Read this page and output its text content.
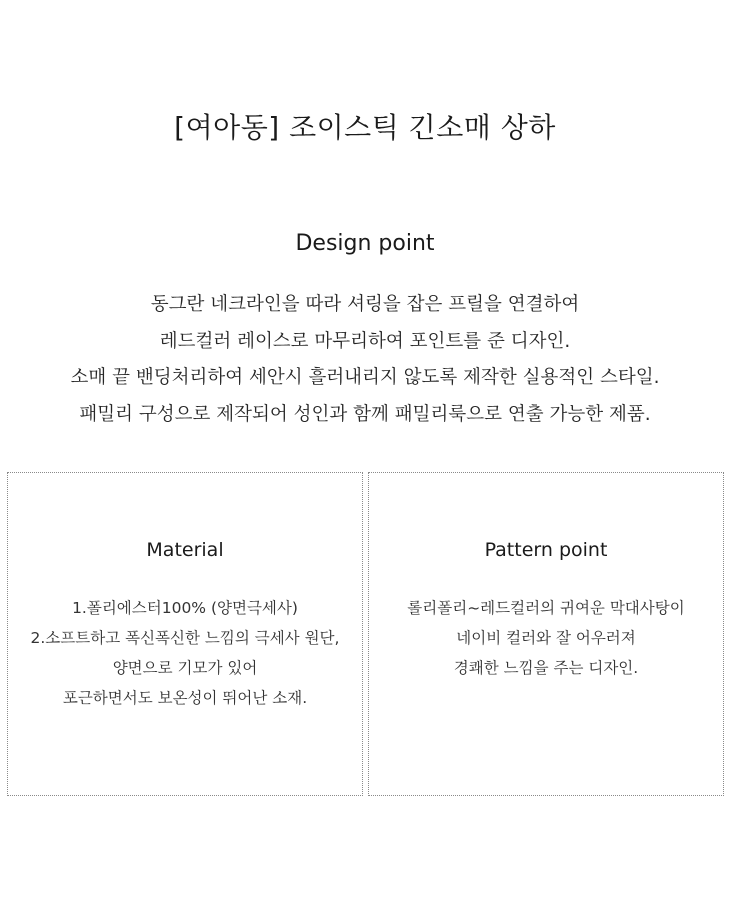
[여아동] 조이스틱 긴소매 상하
Design point
동그란 네크라인을 따라 셔링을 잡은 프릴을 연결하여
레드컬러 레이스로 마무리하여 포인트를 준 디자인.
소매 끝 밴딩처리하여 세안시 흘러내리지 않도록 제작한 실용적인 스타일.
패밀리 구성으로 제작되어 성인과 함께 패밀리룩으로 연출 가능한 제품.
Material
1.폴리에스터100% (양면극세사)
2.소프트하고 폭신폭신한 느낌의 극세사 원단,
양면으로 기모가 있어
포근하면서도 보온성이 뛰어난 소재.
Pattern point
롤리폴리~레드컬러의 귀여운 막대사탕이
네이비 컬러와 잘 어우러져
경쾌한 느낌을 주는 디자인.
